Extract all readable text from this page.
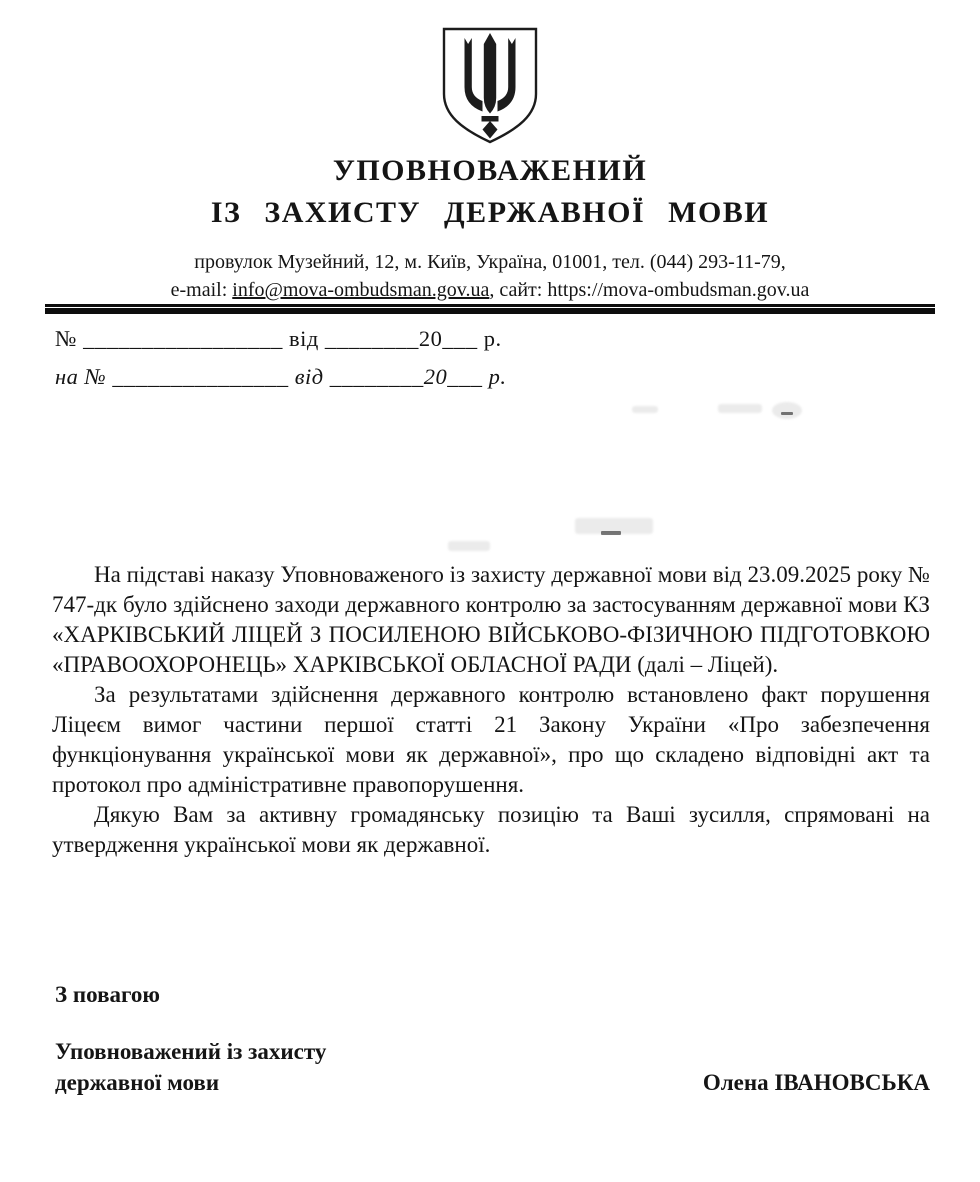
УПОВНОВАЖЕНИЙ
ІЗ ЗАХИСТУ ДЕРЖАВНОЇ МОВИ
провулок Музейний, 12, м. Київ, Україна, 01001, тел. (044) 293-11-79,
e-mail: info@mova-ombudsman.gov.ua, сайт: https://mova-ombudsman.gov.ua
№ _________________ від ________20___ р.
на № _______________ від ________20___ р.

На підставі наказу Уповноваженого із захисту державної мови від 23.09.2025 року № 747-дк було здійснено заходи державного контролю за застосуванням державної мови КЗ «ХАРКІВСЬКИЙ ЛІЦЕЙ З ПОСИЛЕНОЮ ВІЙСЬКОВО-ФІЗИЧНОЮ ПІДГОТОВКОЮ «ПРАВООХОРОНЕЦЬ» ХАРКІВСЬКОЇ ОБЛАСНОЇ РАДИ (далі – Ліцей).

За результатами здійснення державного контролю встановлено факт порушення Ліцеєм вимог частини першої статті 21 Закону України «Про забезпечення функціонування української мови як державної», про що складено відповідні акт та протокол про адміністративне правопорушення.

Дякую Вам за активну громадянську позицію та Ваші зусилля, спрямовані на утвердження української мови як державної.

З повагою
Уповноважений із захисту
державної мови	Олена ІВАНОВСЬКА
